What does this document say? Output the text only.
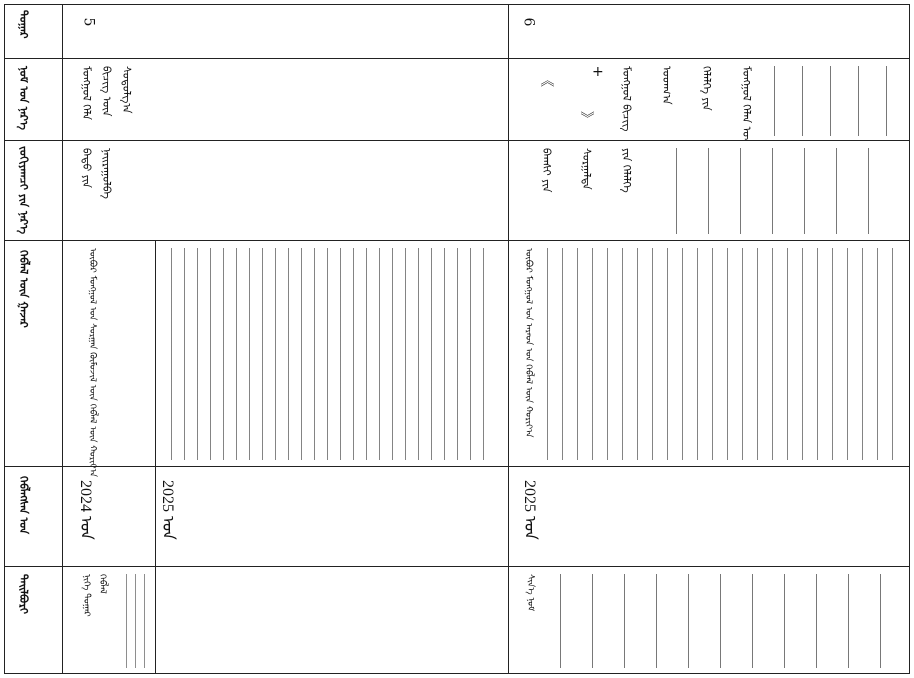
ᠳᠤᠭᠠᠷ
ᠨᠣᠮ ᠤᠨ ᠨᠡᠷ᠎ᠡ
ᠵᠣᠬᠢᠶᠠᠭᠴᠢ ᠶᠢᠨ ᠨᠡᠷ᠎ᠡ
ᠬᠡᠪᠯᠡᠯ ᠦᠨ ᠭᠠᠵᠠᠷ
ᠬᠡᠪᠯᠡᠭᠰᠡᠨ ᠣᠨ
ᠲᠠᠢᠯᠪᠤᠷᠢ
5
ᠮᠣᠩᠭᠣᠯ ᠬᠡᠯᠡ ᠪᠢᠴᠢᠭ ᠦᠨ ᠰᠤᠳᠤᠯᠭ᠎ᠠ
ᠪᠠᠲᠤ ᠶᠢᠨ ᠨᠠᠢᠷᠠᠭᠤᠯᠪᠠ
ᠦᠪᠦᠷ ᠮᠣᠩᠭᠣᠯ ᠤᠨ ᠰᠤᠷᠭᠠᠨ ᠬᠦᠮᠦᠵᠢᠯ ᠦᠨ ᠬᠡᠪᠯᠡᠯ ᠦᠨ ᠬᠣᠷᠢᠶ᠎ᠠ
2024 ᠣᠨ	2025 ᠣᠨ
ᠨᠢᠭᠡ ᠳᠤᠭᠠᠷ ᠬᠡᠪᠯᠡᠯ
6
ᠮᠣᠩᠭᠣᠯ ᠬᠡᠯᠡᠨ ᠦ
ᠬᠡᠯᠡᠯᠭᠡ ᠶᠢᠨ
ᠤᠳᠬ᠎ᠠ
ᠮᠣᠩᠭᠣᠯ ᠪᠢᠴᠢᠭ
《
》
+
ᠪᠠᠭᠰᠢ ᠶᠢᠨ ᠰᠤᠷᠭᠠᠯᠲᠠ ᠶᠢᠨ ᠬᠡᠯᠡᠯᠭᠡ
ᠦᠪᠦᠷ ᠮᠣᠩᠭᠣᠯ ᠤᠨ ᠠᠷᠠᠳ ᠤᠨ ᠬᠡᠪᠯᠡᠯ ᠦᠨ ᠬᠣᠷᠢᠶ᠎ᠠ
2025 ᠣᠨ
ᠰᠢᠨ᠎ᠡ ᠨᠣᠮ
